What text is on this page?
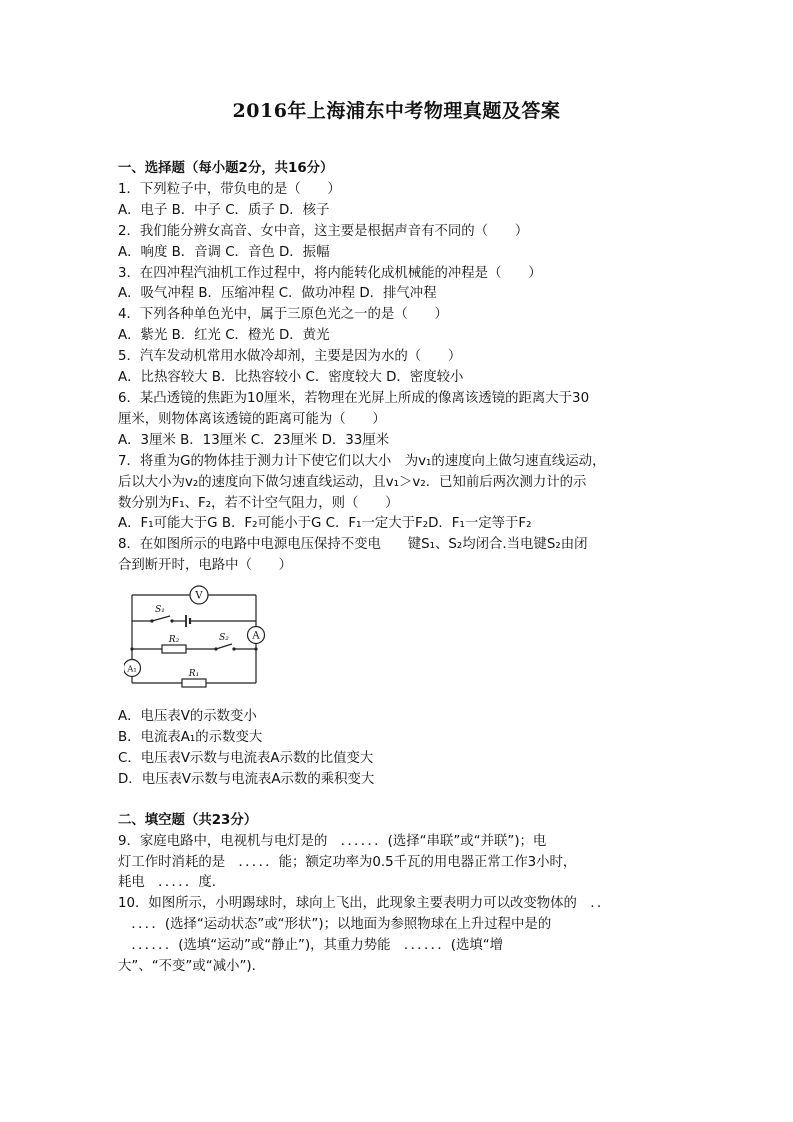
2016年上海浦东中考物理真题及答案
一、选择题（每小题2分，共16分）
1．下列粒子中，带负电的是（　　）
A．电子 B．中子 C．质子 D．核子
2．我们能分辨女高音、女中音，这主要是根据声音有不同的（　　）
A．响度 B．音调 C．音色 D．振幅
3．在四冲程汽油机工作过程中，将内能转化成机械能的冲程是（　　）
A．吸气冲程 B．压缩冲程 C．做功冲程 D．排气冲程
4．下列各种单色光中，属于三原色光之一的是（　　）
A．紫光 B．红光 C．橙光 D．黄光
5．汽车发动机常用水做冷却剂，主要是因为水的（　　）
A．比热容较大 B．比热容较小 C．密度较大 D．密度较小
6．某凸透镜的焦距为10厘米，若物理在光屏上所成的像离该透镜的距离大于30
厘米，则物体离该透镜的距离可能为（　　）
A．3厘米 B．13厘米 C．23厘米 D．33厘米
7．将重为G的物体挂于测力计下使它们以大小　为v₁的速度向上做匀速直线运动，
后以大小为v₂的速度向下做匀速直线运动，且v₁＞v₂．已知前后两次测力计的示
数分别为F₁、F₂，若不计空气阻力，则（　　）
A．F₁可能大于G B．F₂可能小于G C．F₁一定大于F₂D．F₁一定等于F₂
8．在如图所示的电路中电源电压保持不变电　　键S₁、S₂均闭合.当电键S₂由闭
合到断开时，电路中（　　）
V
A
A₁
S₁
S₂
R₂
R₁
A．电压表V的示数变小
B．电流表A₁的示数变大
C．电压表V示数与电流表A示数的比值变大
D．电压表V示数与电流表A示数的乘积变大
二、填空题（共23分）
9．家庭电路中，电视机与电灯是的　．．．．．．(选择“串联”或“并联”)；电
灯工作时消耗的是　．．．．．能；额定功率为0.5千瓦的用电器正常工作3小时，
耗电　．．．．．度．
10．如图所示，小明踢球时，球向上飞出，此现象主要表明力可以改变物体的　．．
　．．．．(选择“运动状态”或“形状”)；以地面为参照物球在上升过程中是的
　．．．．．．(选填“运动”或“静止”)，其重力势能　．．．．．．(选填“增
大”、“不变”或“减小”).
